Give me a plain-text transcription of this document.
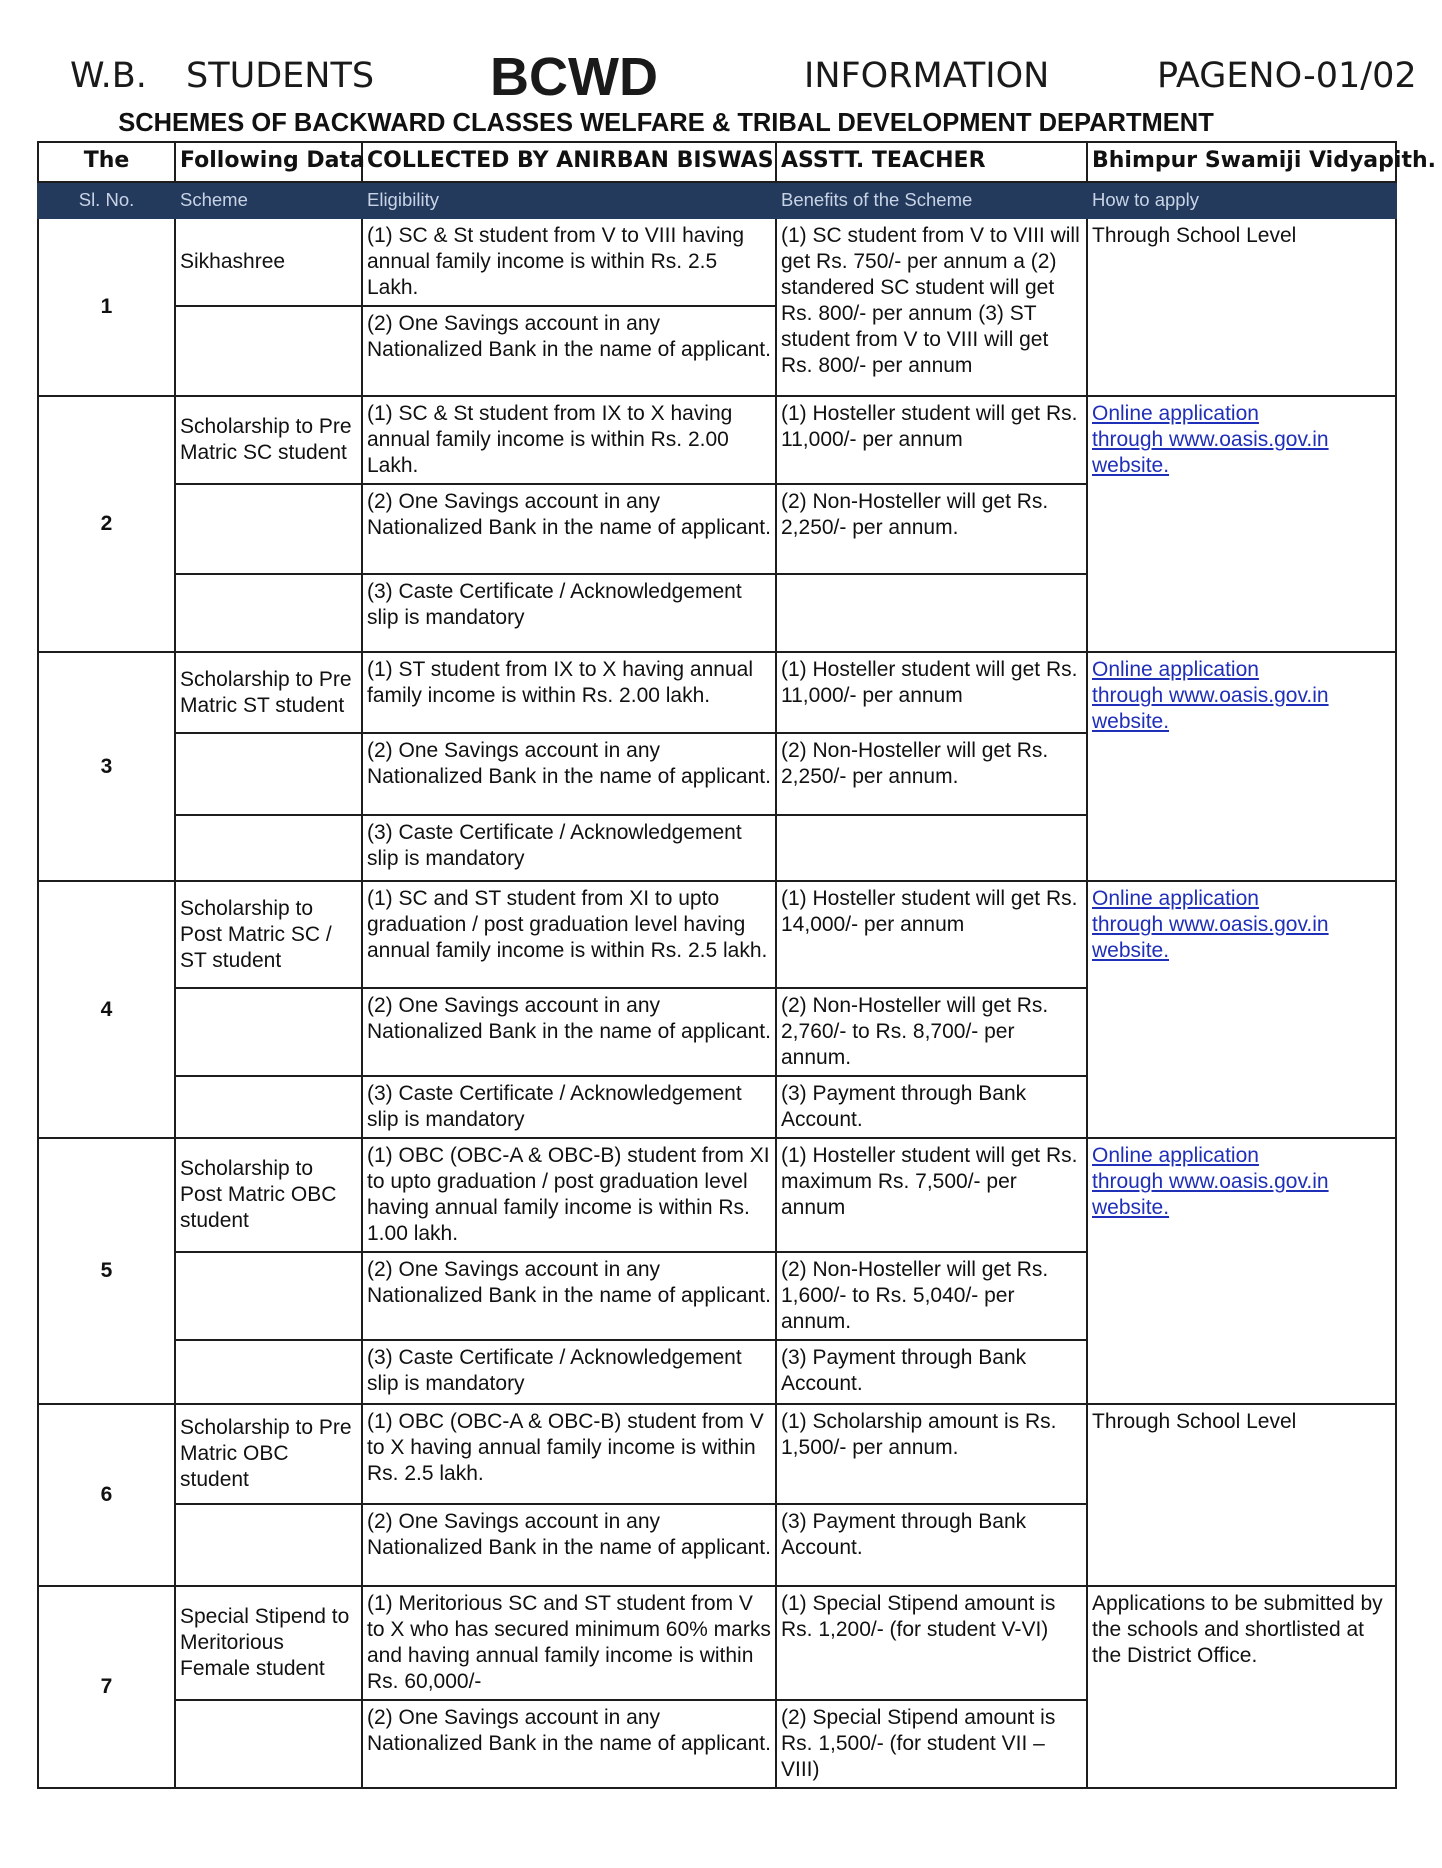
W.B. STUDENTS BCWD	INFORMATION	PAGENO-01/02
SCHEMES OF BACKWARD CLASSES WELFARE & TRIBAL DEVELOPMENT DEPARTMENT
The	Following Data	COLLECTED BY ANIRBAN BISWAS	ASSTT. TEACHER	Bhimpur Swamiji Vidyapith.
Sl. No.	Scheme	Eligibility	Benefits of the Scheme	How to apply
1	Sikhashree	(1) SC & St student from V to VIII having annual family income is within Rs. 2.5 Lakh.	(1) SC student from V to VIII will get Rs. 750/- per annum a (2) standered SC student will get Rs. 800/- per annum (3) ST student from V to VIII will get Rs. 800/- per annum	Through School Level
		(2) One Savings account in any Nationalized Bank in the name of applicant.		
2	Scholarship to Pre Matric SC student	(1) SC & St student from IX to X having annual family income is within Rs. 2.00 Lakh.	(1) Hosteller student will get Rs. 11,000/- per annum	Online application
through www.oasis.gov.in website.
		(2) One Savings account in any Nationalized Bank in the name of applicant.	(2) Non-Hosteller will get Rs. 2,250/- per annum.	
		(3) Caste Certificate / Acknowledgement slip is mandatory		
3	Scholarship to Pre Matric ST student	(1) ST student from IX to X having annual family income is within Rs. 2.00 lakh.	(1) Hosteller student will get Rs. 11,000/- per annum	Online application
through www.oasis.gov.in website.
		(2) One Savings account in any Nationalized Bank in the name of applicant.	(2) Non-Hosteller will get Rs. 2,250/- per annum.	
		(3) Caste Certificate / Acknowledgement slip is mandatory		
4	Scholarship to Post Matric SC / ST student	(1) SC and ST student from XI to upto graduation / post graduation level having annual family income is within Rs. 2.5 lakh.	(1) Hosteller student will get Rs. 14,000/- per annum	Online application
through www.oasis.gov.in website.
		(2) One Savings account in any Nationalized Bank in the name of applicant.	(2) Non-Hosteller will get Rs. 2,760/- to Rs. 8,700/- per annum.	
		(3) Caste Certificate / Acknowledgement slip is mandatory	(3) Payment through Bank Account.	
5	Scholarship to Post Matric OBC student	(1) OBC (OBC-A & OBC-B) student from XI to upto graduation / post graduation level having annual family income is within Rs. 1.00 lakh.	(1) Hosteller student will get Rs. maximum Rs. 7,500/- per annum	Online application
through www.oasis.gov.in website.
		(2) One Savings account in any Nationalized Bank in the name of applicant.	(2) Non-Hosteller will get Rs. 1,600/- to Rs. 5,040/- per annum.	
		(3) Caste Certificate / Acknowledgement slip is mandatory	(3) Payment through Bank Account.	
6	Scholarship to Pre Matric OBC student	(1) OBC (OBC-A & OBC-B) student from V to X having annual family income is within Rs. 2.5 lakh.	(1) Scholarship amount is Rs. 1,500/- per annum.	Through School Level
		(2) One Savings account in any Nationalized Bank in the name of applicant.	(3) Payment through Bank Account.	
7	Special Stipend to Meritorious Female student	(1) Meritorious SC and ST student from V to X who has secured minimum 60% marks and having annual family income is within Rs. 60,000/-	(1) Special Stipend amount is Rs. 1,200/- (for student V-VI)	Applications to be submitted by the schools and shortlisted at the District Office.
		(2) One Savings account in any Nationalized Bank in the name of applicant.	(2) Special Stipend amount is Rs. 1,500/- (for student VII – VIII)	
